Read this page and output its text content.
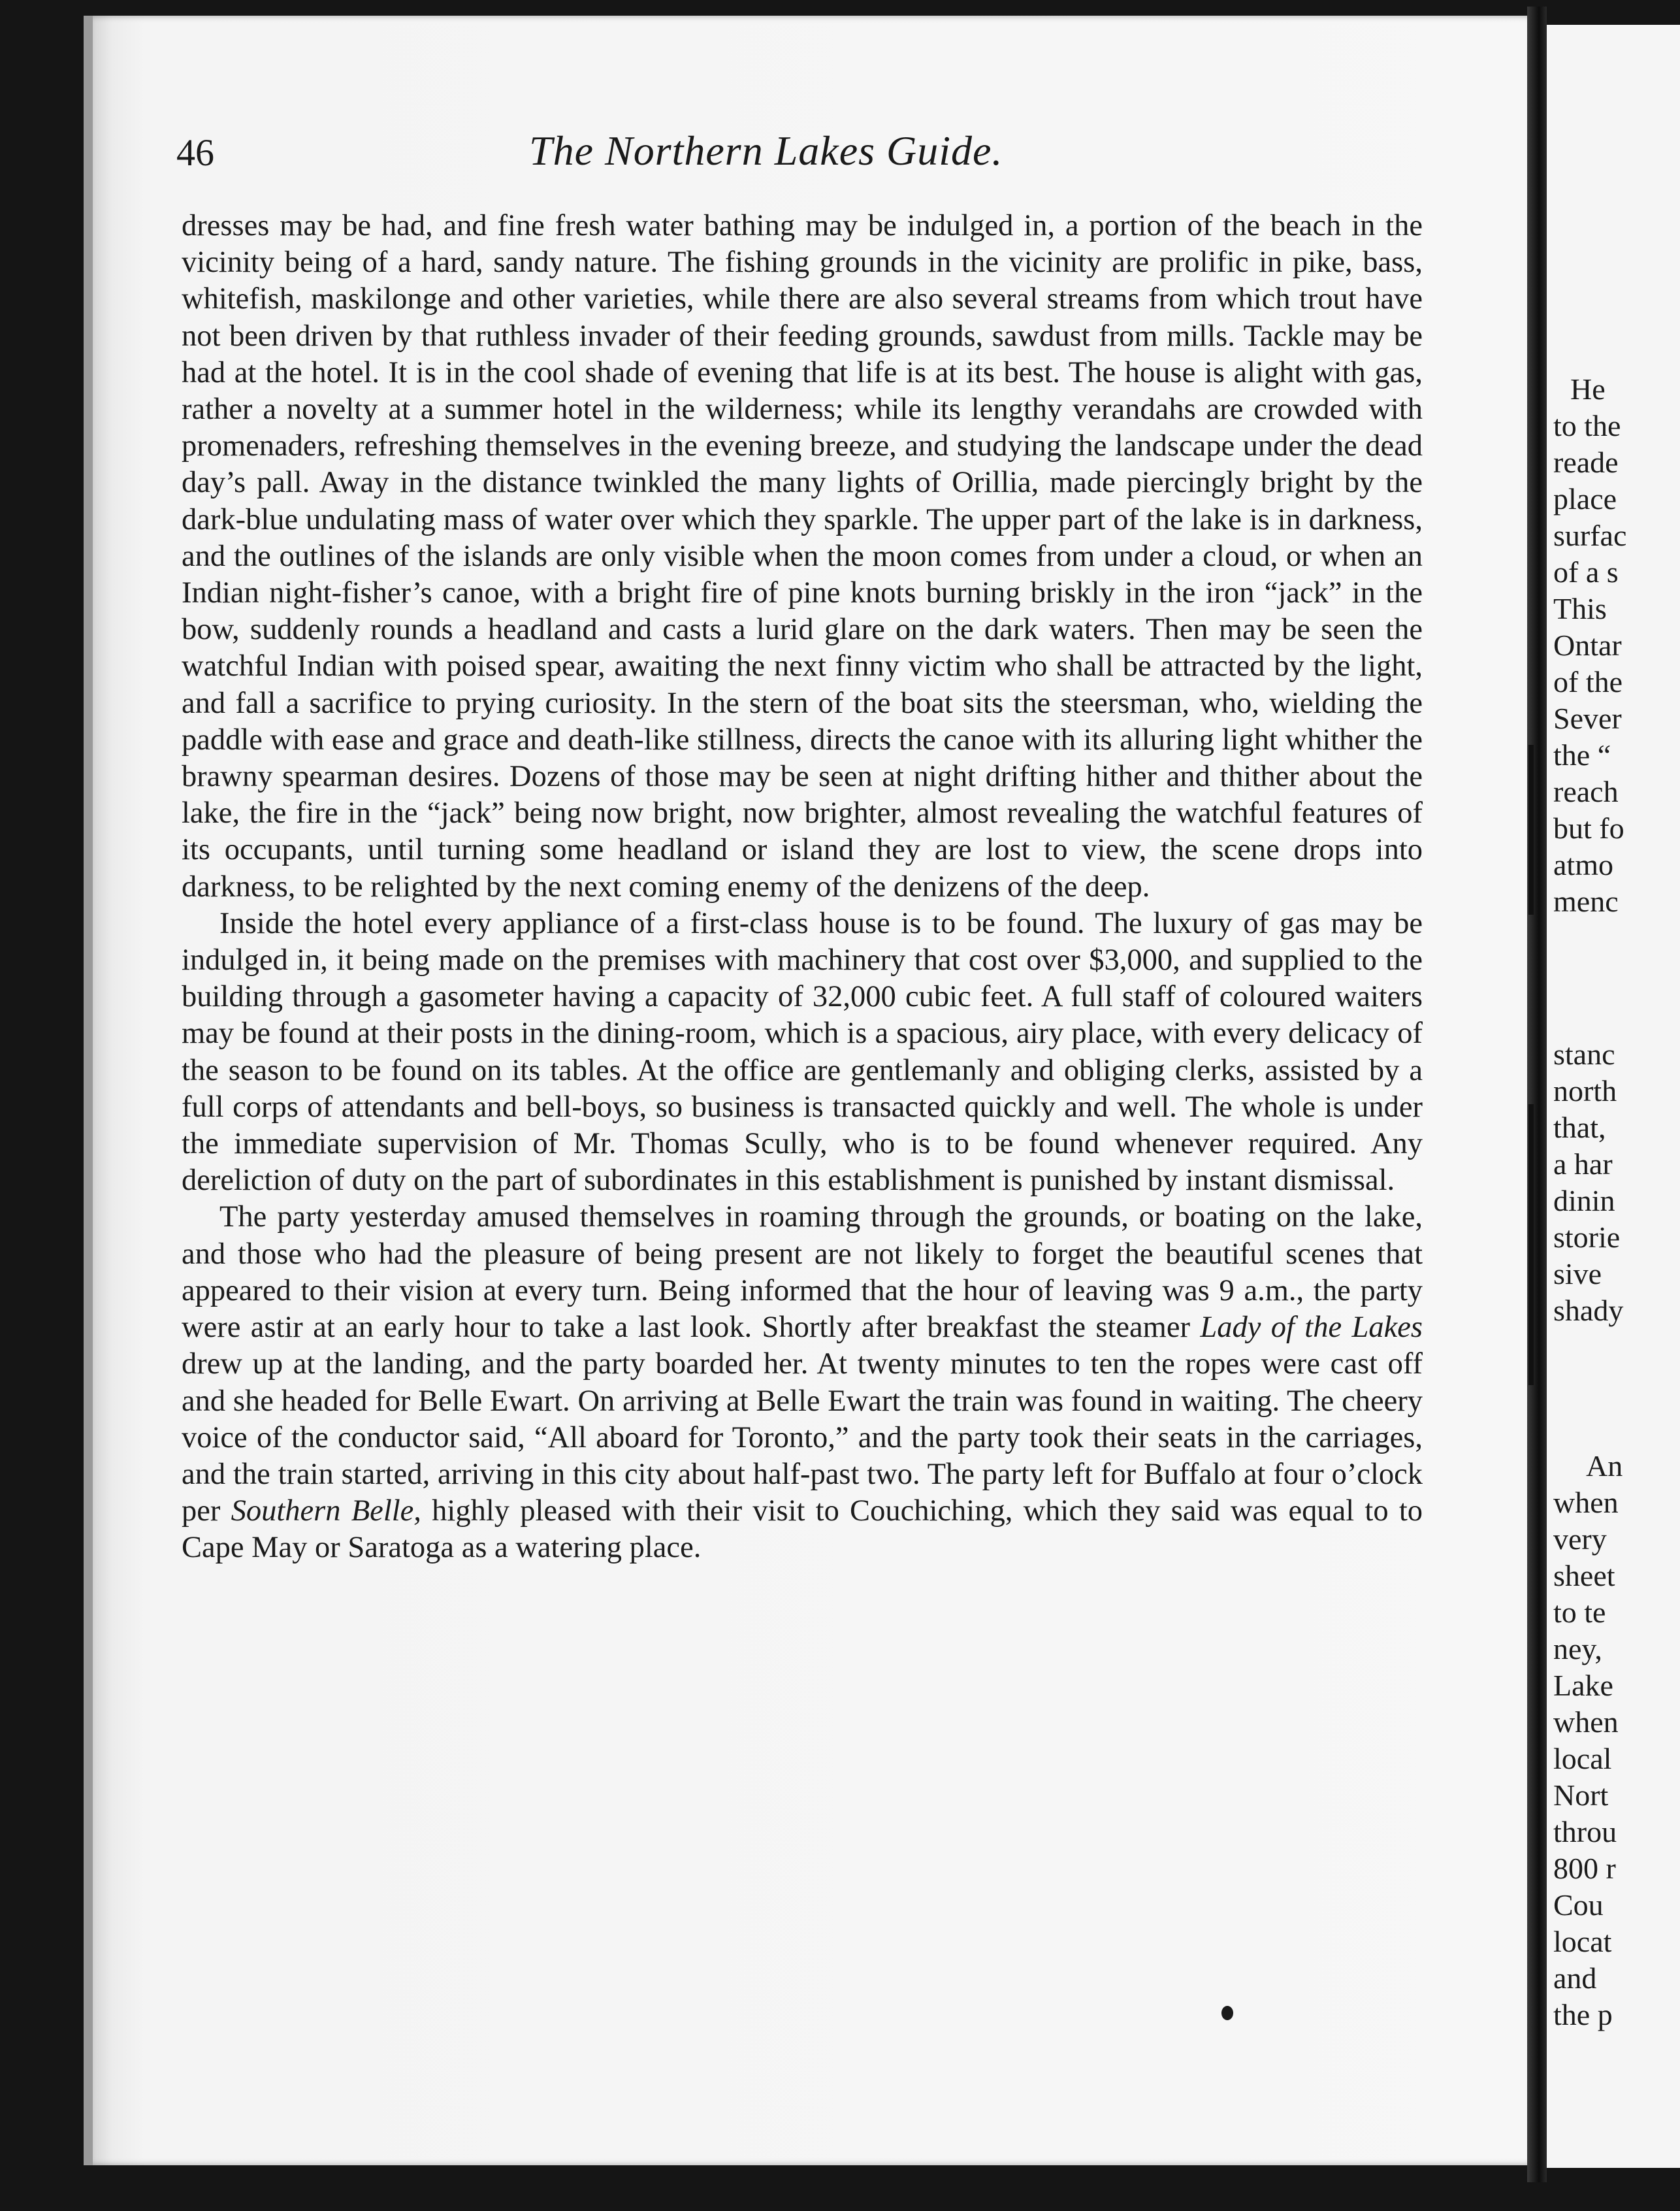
He
to the
reade
place
surfac
of a s
This
Ontar
of the
Sever
the “
reach
but fo
atmo
menc
stanc
north
that,
a har
dinin
storie
sive
shady
An
when
very
sheet
to te
ney,
Lake
when
local
Nort
throu
800 r
Cou
locat
and
the p
46	The Northern Lakes Guide.

dresses may be had, and fine fresh water bathing may be indulged in, a portion of the beach in the vicinity being of a hard, sandy nature. The fishing grounds in the vicinity are prolific in pike, bass, whitefish, maskilonge and other varieties, while there are also several streams from which trout have not been driven by that ruthless invader of their feeding grounds, sawdust from mills. Tackle may be had at the hotel. It is in the cool shade of evening that life is at its best. The house is alight with gas, rather a novelty at a summer hotel in the wilderness; while its lengthy verandahs are crowded with promenaders, refreshing themselves in the evening breeze, and studying the landscape under the dead day’s pall. Away in the distance twinkled the many lights of Orillia, made piercingly bright by the dark-blue undulating mass of water over which they sparkle. The upper part of the lake is in darkness, and the outlines of the islands are only visible when the moon comes from under a cloud, or when an Indian night-fisher’s canoe, with a bright fire of pine knots burning briskly in the iron “jack” in the bow, suddenly rounds a headland and casts a lurid glare on the dark waters. Then may be seen the watchful Indian with poised spear, awaiting the next finny victim who shall be attracted by the light, and fall a sacrifice to prying curiosity. In the stern of the boat sits the steersman, who, wielding the paddle with ease and grace and death-like stillness, directs the canoe with its alluring light whither the brawny spearman desires. Dozens of those may be seen at night drifting hither and thither about the lake, the fire in the “jack” being now bright, now brighter, almost revealing the watchful features of its occupants, until turning some headland or island they are lost to view, the scene drops into darkness, to be relighted by the next coming enemy of the denizens of the deep.

Inside the hotel every appliance of a first-class house is to be found. The luxury of gas may be indulged in, it being made on the premises with machinery that cost over $3,000, and supplied to the building through a gasometer having a capacity of 32,000 cubic feet. A full staff of coloured waiters may be found at their posts in the dining-room, which is a spacious, airy place, with every delicacy of the season to be found on its tables. At the office are gentlemanly and obliging clerks, assisted by a full corps of attendants and bell-boys, so business is transacted quickly and well. The whole is under the immediate supervision of Mr. Thomas Scully, who is to be found whenever required. Any dereliction of duty on the part of subordinates in this establishment is punished by instant dismissal.

The party yesterday amused themselves in roaming through the grounds, or boating on the lake, and those who had the pleasure of being present are not likely to forget the beautiful scenes that appeared to their vision at every turn. Being informed that the hour of leaving was 9 a.m., the party were astir at an early hour to take a last look. Shortly after breakfast the steamer Lady of the Lakes drew up at the landing, and the party boarded her. At twenty minutes to ten the ropes were cast off and she headed for Belle Ewart. On arriving at Belle Ewart the train was found in waiting. The cheery voice of the conductor said, “All aboard for Toronto,” and the party took their seats in the carriages, and the train started, arriving in this city about half-past two. The party left for Buffalo at four o’clock per Southern Belle, highly pleased with their visit to Couchiching, which they said was equal to to Cape May or Saratoga as a watering place.
